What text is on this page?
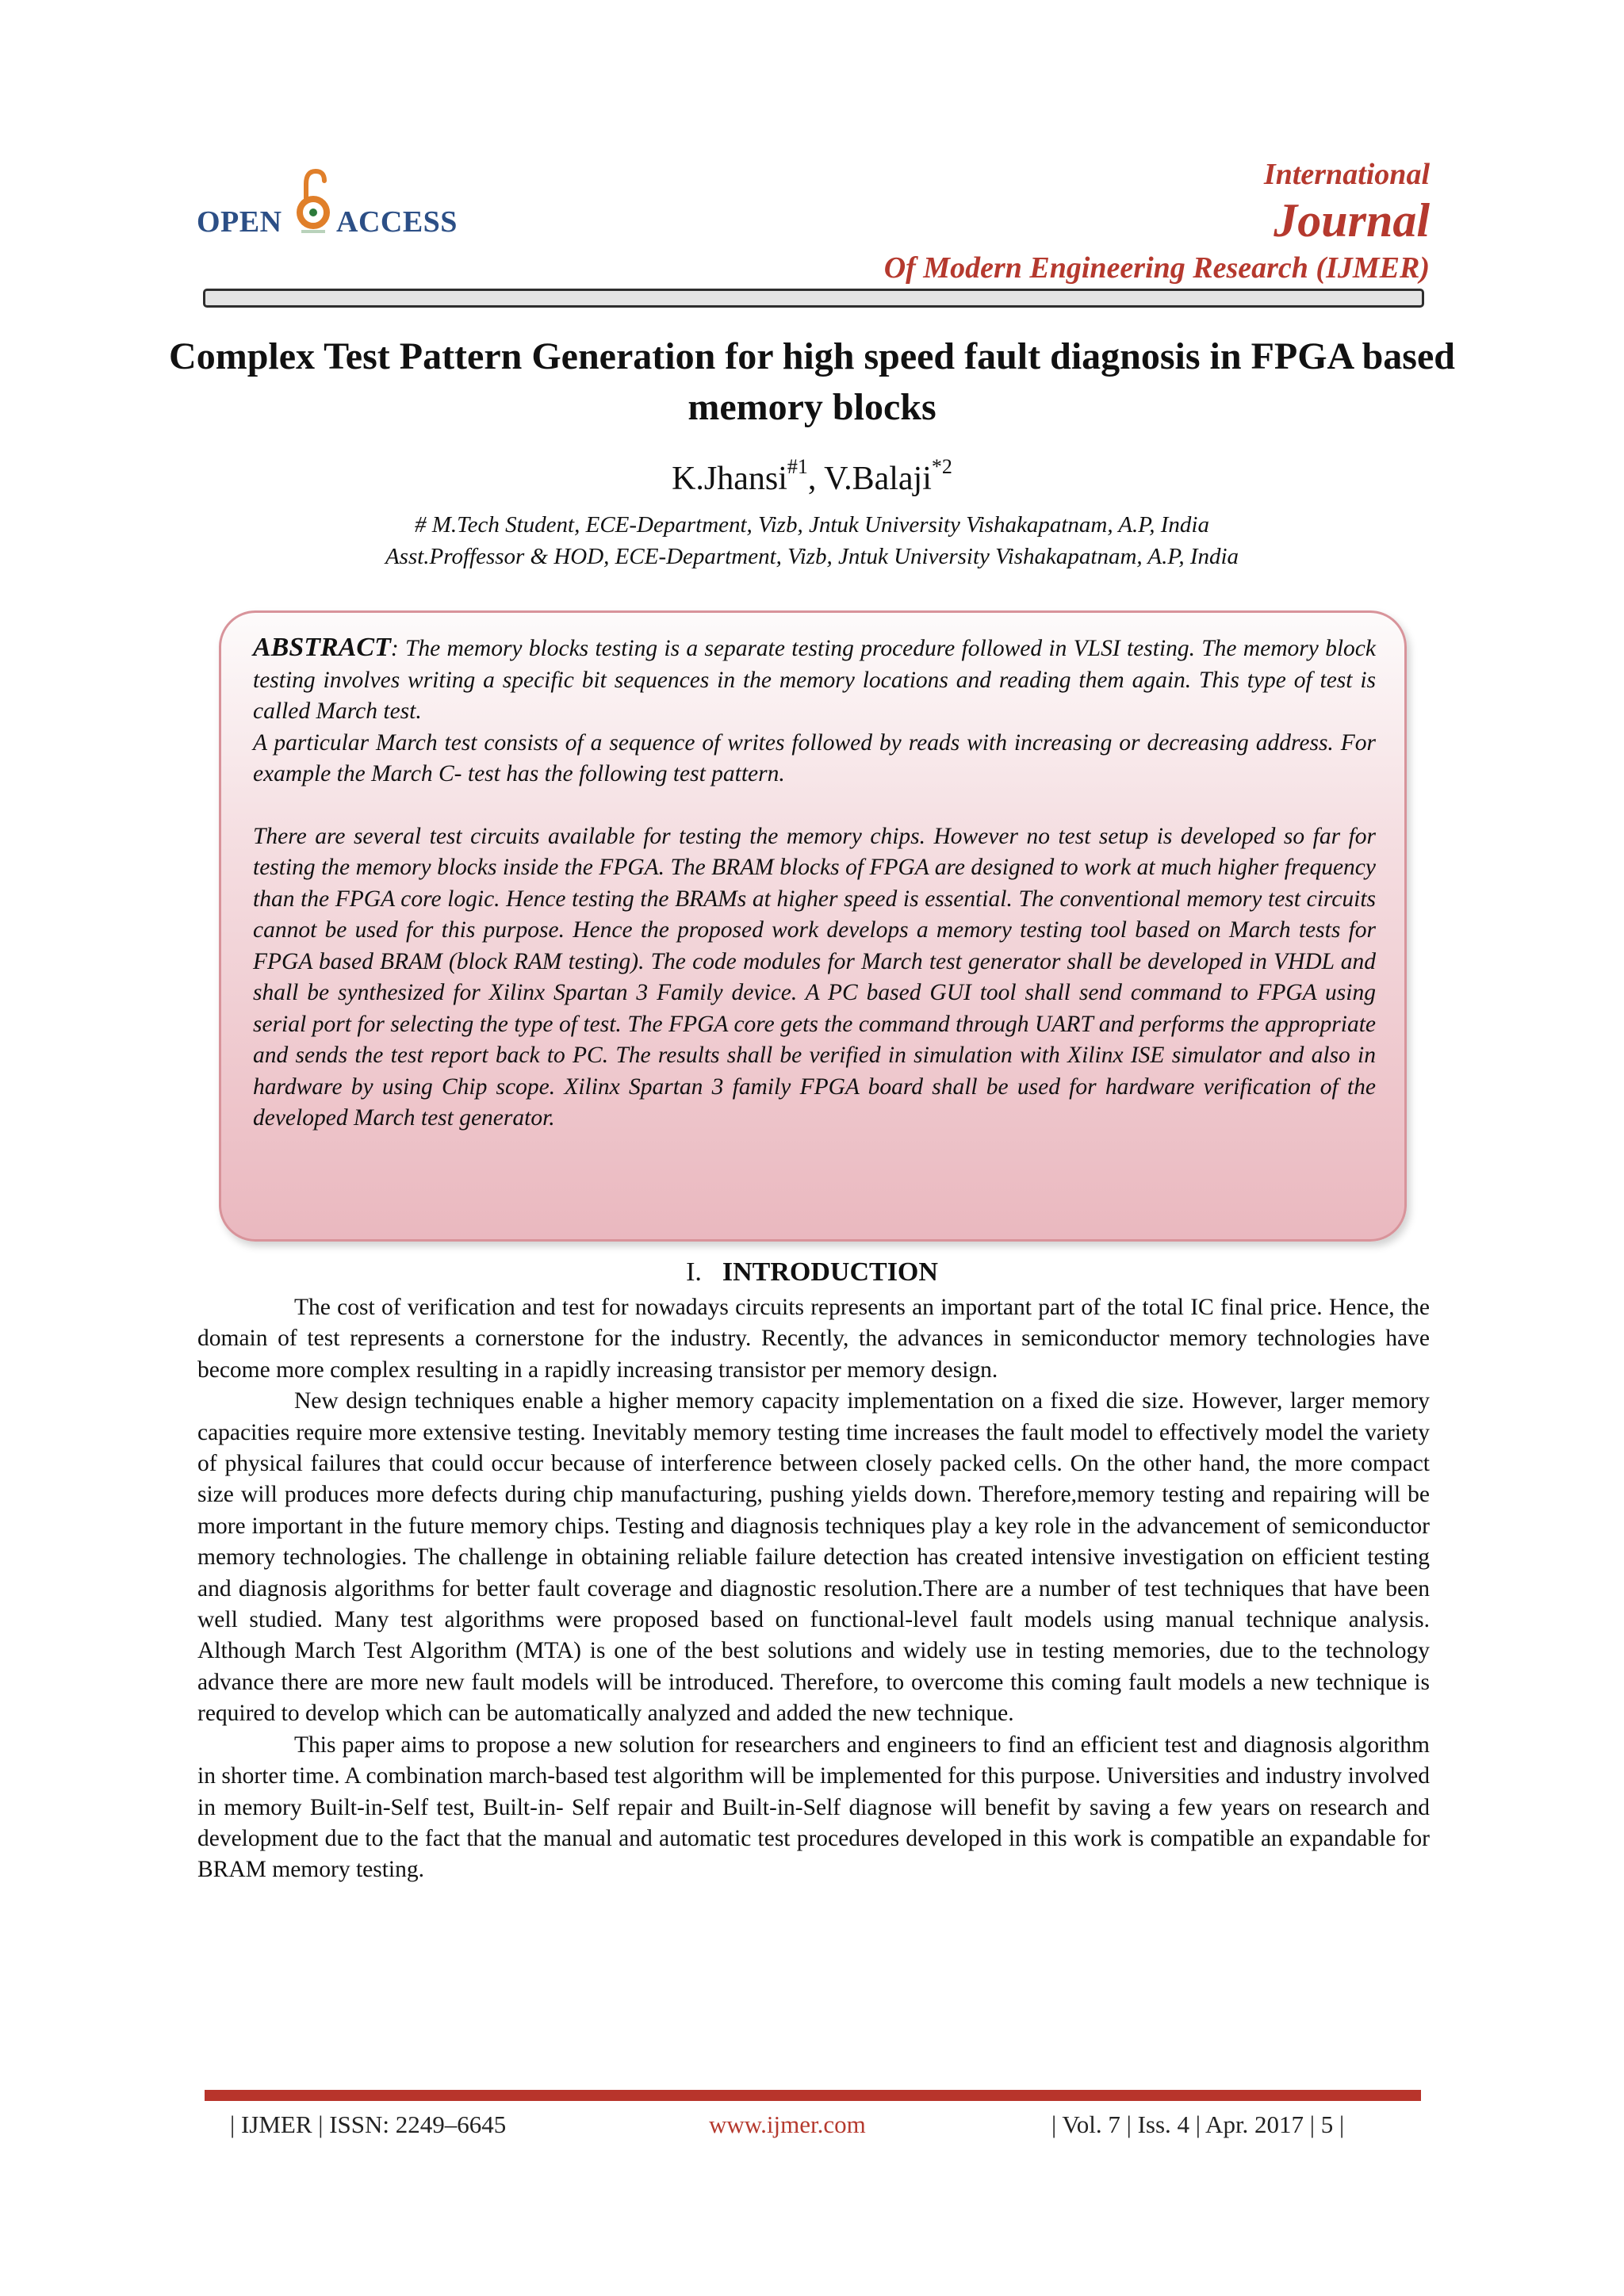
OPEN ACCESS
International
Journal
Of Modern Engineering Research (IJMER)
Complex Test Pattern Generation for high speed fault diagnosis in FPGA based memory blocks
K.Jhansi$^{\#1}$, V.Balaji$^{*2}$
# M.Tech Student, ECE-Department, Vizb, Jntuk University Vishakapatnam, A.P, India
Asst.Proffessor & HOD, ECE-Department, Vizb, Jntuk University Vishakapatnam, A.P, India

ABSTRACT: The memory blocks testing is a separate testing procedure followed in VLSI testing. The memory block testing involves writing a specific bit sequences in the memory locations and reading them again. This type of test is called March test.

A particular March test consists of a sequence of writes followed by reads with increasing or decreasing address. For example the March C- test has the following test pattern.

There are several test circuits available for testing the memory chips. However no test setup is developed so far for testing the memory blocks inside the FPGA. The BRAM blocks of FPGA are designed to work at much higher frequency than the FPGA core logic. Hence testing the BRAMs at higher speed is essential. The conventional memory test circuits cannot be used for this purpose. Hence the proposed work develops a memory testing tool based on March tests for FPGA based BRAM (block RAM testing). The code modules for March test generator shall be developed in VHDL and shall be synthesized for Xilinx Spartan 3 Family device. A PC based GUI tool shall send command to FPGA using serial port for selecting the type of test. The FPGA core gets the command through UART and performs the appropriate and sends the test report back to PC. The results shall be verified in simulation with Xilinx ISE simulator and also in hardware by using Chip scope. Xilinx Spartan 3 family FPGA board shall be used for hardware verification of the developed March test generator.

I. INTRODUCTION

The cost of verification and test for nowadays circuits represents an important part of the total IC final price. Hence, the domain of test represents a cornerstone for the industry. Recently, the advances in semiconductor memory technologies have become more complex resulting in a rapidly increasing transistor per memory design.

New design techniques enable a higher memory capacity implementation on a fixed die size. However, larger memory capacities require more extensive testing. Inevitably memory testing time increases the fault model to effectively model the variety of physical failures that could occur because of interference between closely packed cells. On the other hand, the more compact size will produces more defects during chip manufacturing, pushing yields down. Therefore,memory testing and repairing will be more important in the future memory chips. Testing and diagnosis techniques play a key role in the advancement of semiconductor memory technologies. The challenge in obtaining reliable failure detection has created intensive investigation on efficient testing and diagnosis algorithms for better fault coverage and diagnostic resolution.There are a number of test techniques that have been well studied. Many test algorithms were proposed based on functional-level fault models using manual technique analysis. Although March Test Algorithm (MTA) is one of the best solutions and widely use in testing memories, due to the technology advance there are more new fault models will be introduced. Therefore, to overcome this coming fault models a new technique is required to develop which can be automatically analyzed and added the new technique.

This paper aims to propose a new solution for researchers and engineers to find an efficient test and diagnosis algorithm in shorter time. A combination march-based test algorithm will be implemented for this purpose. Universities and industry involved in memory Built-in-Self test, Built-in- Self repair and Built-in-Self diagnose will benefit by saving a few years on research and development due to the fact that the manual and automatic test procedures developed in this work is compatible an expandable for BRAM memory testing.

| IJMER | ISSN: 2249–6645	www.ijmer.com	| Vol. 7 | Iss. 4 | Apr. 2017 | 5 |
